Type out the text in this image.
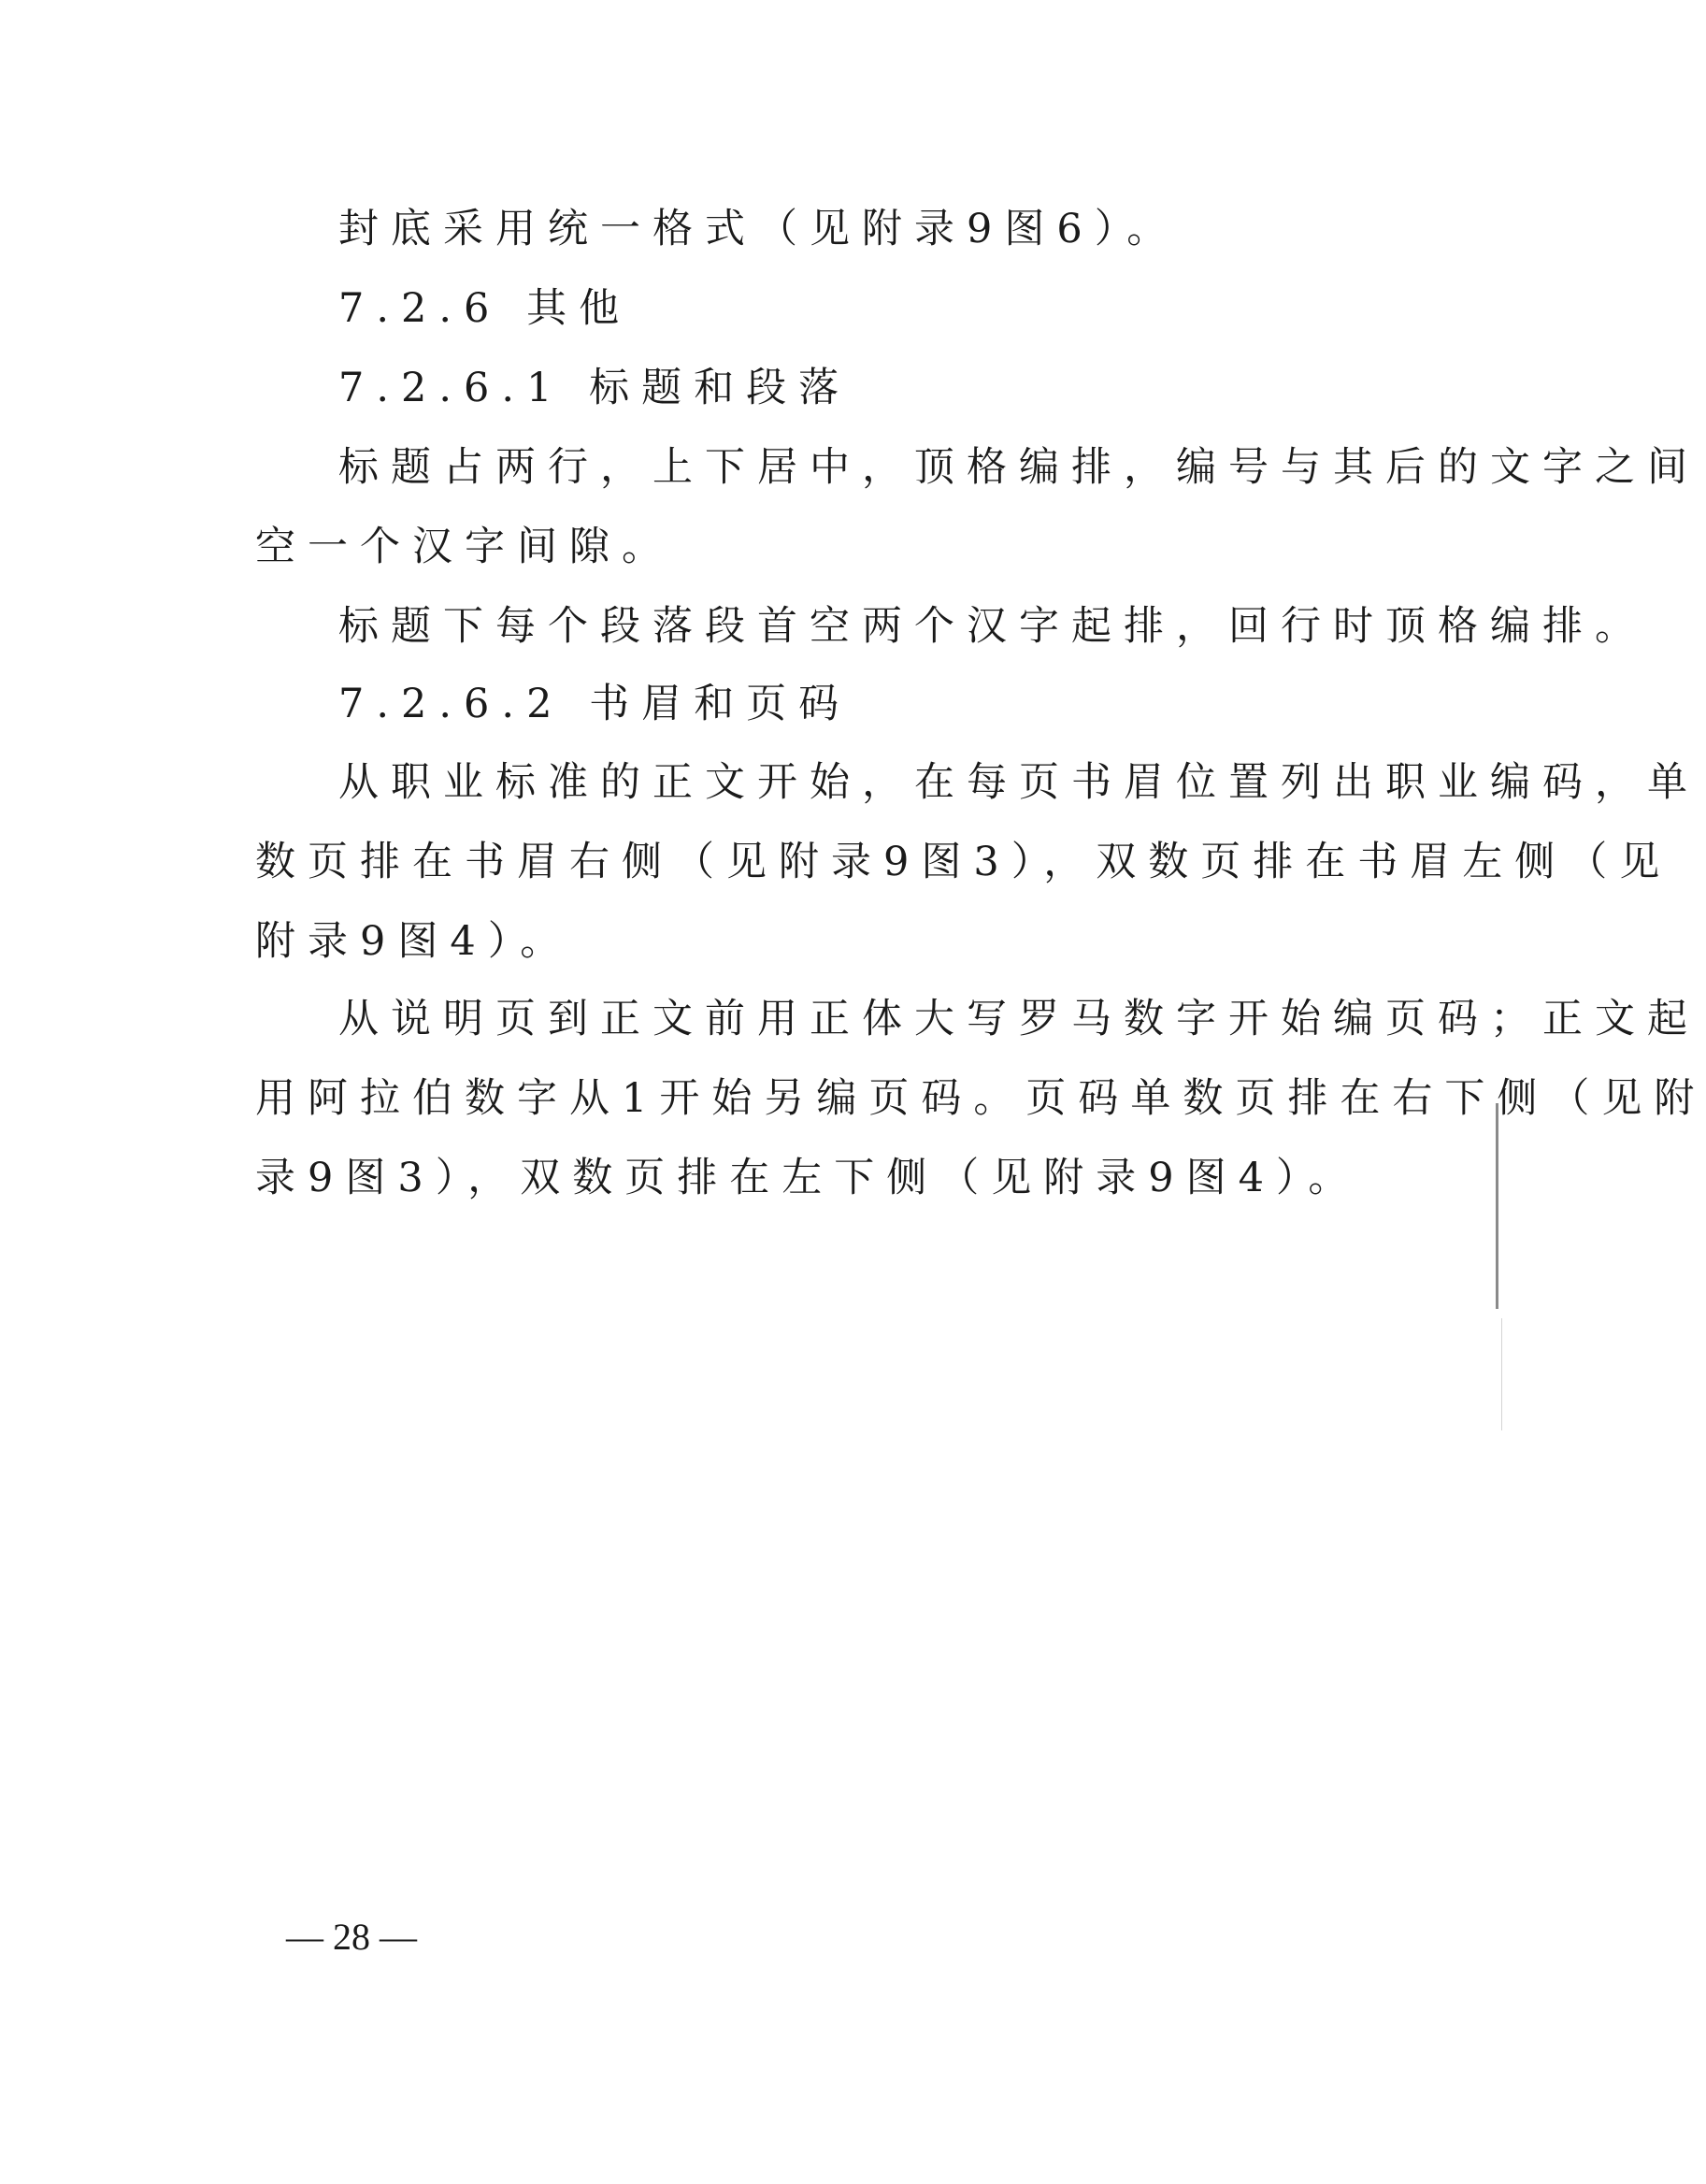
封底采用统一格式（见附录9图6）。
7.2.6 其他
7.2.6.1 标题和段落
标题占两行，上下居中，顶格编排，编号与其后的文字之间
空一个汉字间隙。
标题下每个段落段首空两个汉字起排，回行时顶格编排。
7.2.6.2 书眉和页码
从职业标准的正文开始，在每页书眉位置列出职业编码，单
数页排在书眉右侧（见附录9图3），双数页排在书眉左侧（见
附录9图4）。
从说明页到正文前用正体大写罗马数字开始编页码；正文起
用阿拉伯数字从1开始另编页码。页码单数页排在右下侧（见附
录9图3），双数页排在左下侧（见附录9图4）。
— 28 —
